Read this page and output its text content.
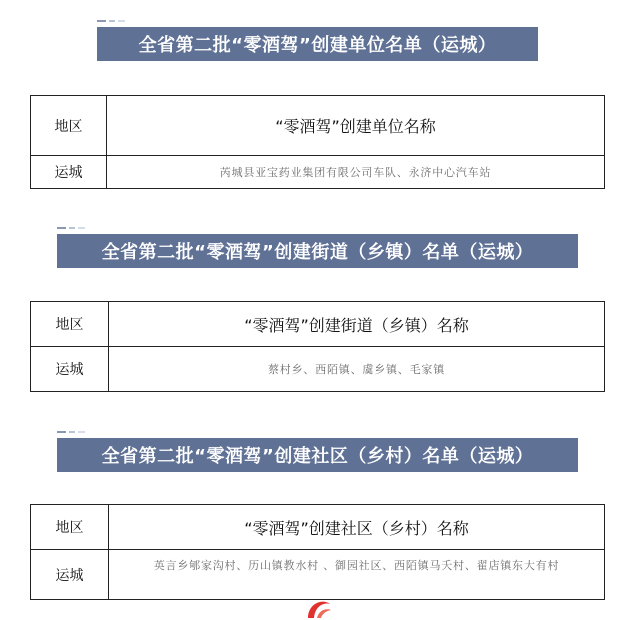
全省第二批“零酒驾”创建单位名单（运城）
地区	“零酒驾”创建单位名称
运城	芮城县亚宝药业集团有限公司车队、永济中心汽车站
全省第二批“零酒驾”创建街道（乡镇）名单（运城）
地区	“零酒驾”创建街道（乡镇）名称
运城	蔡村乡、西陌镇、虞乡镇、毛家镇
全省第二批“零酒驾”创建社区（乡村）名单（运城）
地区	“零酒驾”创建社区（乡村）名称
运城	英言乡郇家沟村、历山镇教水村 、御园社区、西陌镇马夭村、翟店镇东大有村
